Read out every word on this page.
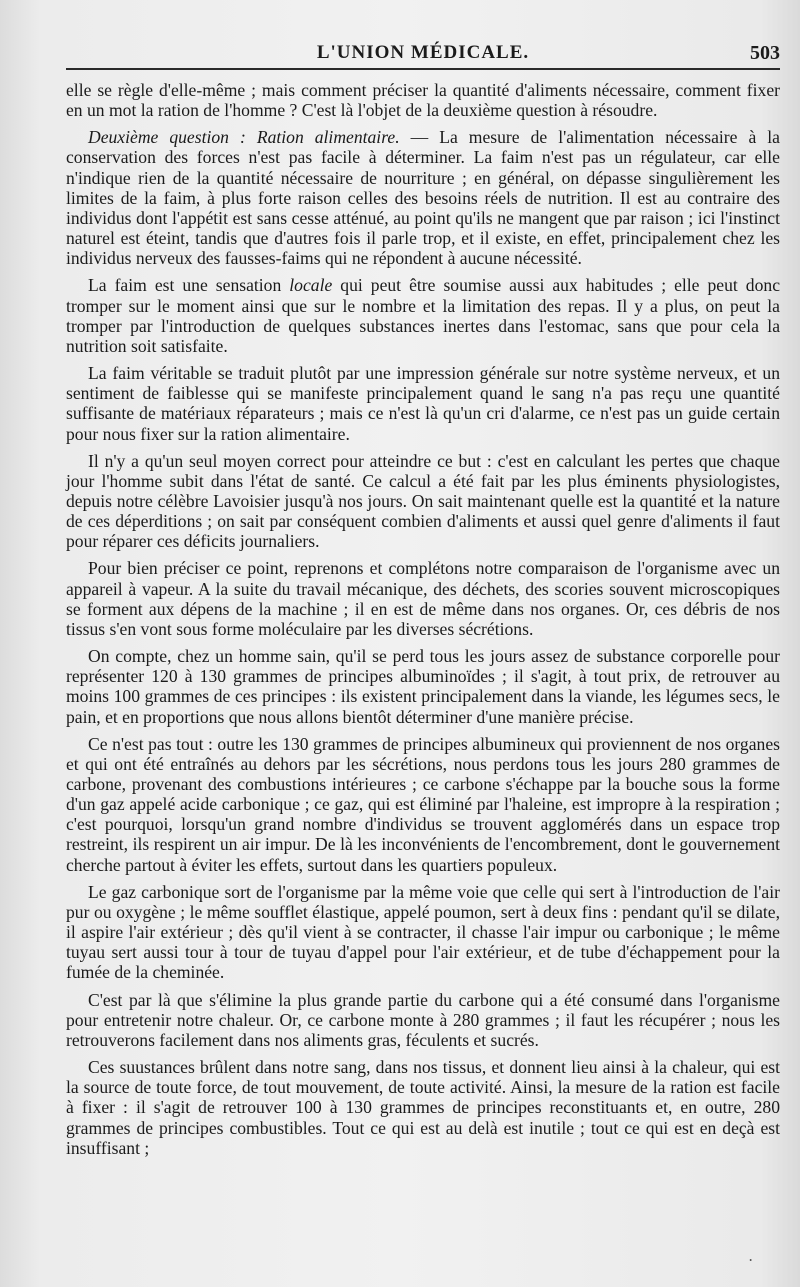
L'UNION MÉDICALE.	503

elle se règle d'elle-même ; mais comment préciser la quantité d'aliments nécessaire, comment fixer en un mot la ration de l'homme ? C'est là l'objet de la deuxième question à résoudre.

Deuxième question : Ration alimentaire. — La mesure de l'alimentation nécessaire à la conservation des forces n'est pas facile à déterminer. La faim n'est pas un régulateur, car elle n'indique rien de la quantité nécessaire de nourriture ; en général, on dépasse singulièrement les limites de la faim, à plus forte raison celles des besoins réels de nutrition. Il est au contraire des individus dont l'appétit est sans cesse atténué, au point qu'ils ne mangent que par raison ; ici l'instinct naturel est éteint, tandis que d'autres fois il parle trop, et il existe, en effet, principalement chez les individus nerveux des fausses-faims qui ne répondent à aucune nécessité.

La faim est une sensation locale qui peut être soumise aussi aux habitudes ; elle peut donc tromper sur le moment ainsi que sur le nombre et la limitation des repas. Il y a plus, on peut la tromper par l'introduction de quelques substances inertes dans l'estomac, sans que pour cela la nutrition soit satisfaite.

La faim véritable se traduit plutôt par une impression générale sur notre système nerveux, et un sentiment de faiblesse qui se manifeste principalement quand le sang n'a pas reçu une quantité suffisante de matériaux réparateurs ; mais ce n'est là qu'un cri d'alarme, ce n'est pas un guide certain pour nous fixer sur la ration alimentaire.

Il n'y a qu'un seul moyen correct pour atteindre ce but : c'est en calculant les pertes que chaque jour l'homme subit dans l'état de santé. Ce calcul a été fait par les plus éminents physiologistes, depuis notre célèbre Lavoisier jusqu'à nos jours. On sait maintenant quelle est la quantité et la nature de ces déperditions ; on sait par conséquent combien d'aliments et aussi quel genre d'aliments il faut pour réparer ces déficits journaliers.

Pour bien préciser ce point, reprenons et complétons notre comparaison de l'organisme avec un appareil à vapeur. A la suite du travail mécanique, des déchets, des scories souvent microscopiques se forment aux dépens de la machine ; il en est de même dans nos organes. Or, ces débris de nos tissus s'en vont sous forme moléculaire par les diverses sécrétions.

On compte, chez un homme sain, qu'il se perd tous les jours assez de substance corporelle pour représenter 120 à 130 grammes de principes albuminoïdes ; il s'agit, à tout prix, de retrouver au moins 100 grammes de ces principes : ils existent principalement dans la viande, les légumes secs, le pain, et en proportions que nous allons bientôt déterminer d'une manière précise.

Ce n'est pas tout : outre les 130 grammes de principes albumineux qui proviennent de nos organes et qui ont été entraînés au dehors par les sécrétions, nous perdons tous les jours 280 grammes de carbone, provenant des combustions intérieures ; ce carbone s'échappe par la bouche sous la forme d'un gaz appelé acide carbonique ; ce gaz, qui est éliminé par l'haleine, est impropre à la respiration ; c'est pourquoi, lorsqu'un grand nombre d'individus se trouvent agglomérés dans un espace trop restreint, ils respirent un air impur. De là les inconvénients de l'encombrement, dont le gouvernement cherche partout à éviter les effets, surtout dans les quartiers populeux.

Le gaz carbonique sort de l'organisme par la même voie que celle qui sert à l'introduction de l'air pur ou oxygène ; le même soufflet élastique, appelé poumon, sert à deux fins : pendant qu'il se dilate, il aspire l'air extérieur ; dès qu'il vient à se contracter, il chasse l'air impur ou carbonique ; le même tuyau sert aussi tour à tour de tuyau d'appel pour l'air extérieur, et de tube d'échappement pour la fumée de la cheminée.

C'est par là que s'élimine la plus grande partie du carbone qui a été consumé dans l'organisme pour entretenir notre chaleur. Or, ce carbone monte à 280 grammes ; il faut les récupérer ; nous les retrouverons facilement dans nos aliments gras, féculents et sucrés.

Ces suustances brûlent dans notre sang, dans nos tissus, et donnent lieu ainsi à la chaleur, qui est la source de toute force, de tout mouvement, de toute activité. Ainsi, la mesure de la ration est facile à fixer : il s'agit de retrouver 100 à 130 grammes de principes reconstituants et, en outre, 280 grammes de principes combustibles. Tout ce qui est au delà est inutile ; tout ce qui est en deçà est insuffisant ;

•
